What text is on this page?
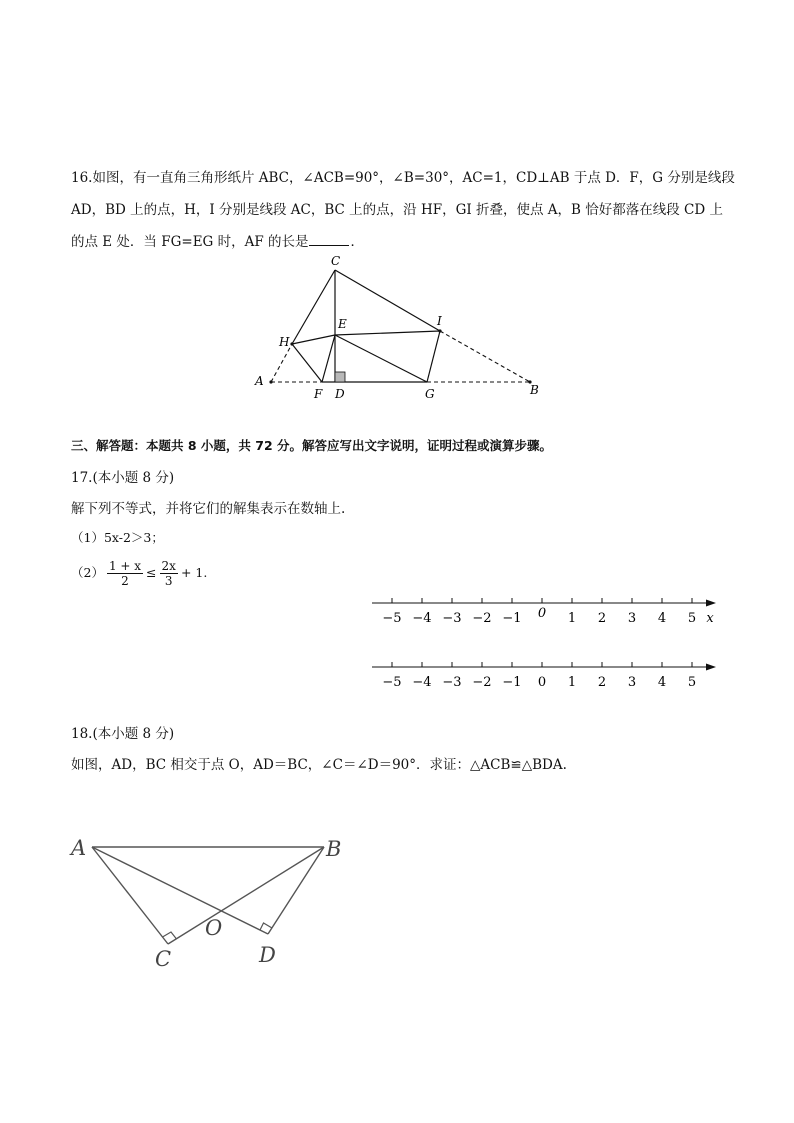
16.如图，有一直角三角形纸片 ABC，∠ACB=90°，∠B=30°，AC=1，CD⊥AB 于点 D．F，G 分别是线段
AD，BD 上的点，H，I 分别是线段 AC，BC 上的点，沿 HF，GI 折叠，使点 A，B 恰好都落在线段 CD 上
的点 E 处．当 FG=EG 时，AF 的长是	．
C
E	I
H
A
F D	G	B
三、解答题：本题共 8 小题，共 72 分。解答应写出文字说明，证明过程或演算步骤。
17.(本小题 8 分)
解下列不等式，并将它们的解集表示在数轴上.
（1）5x-2＞3；
$(2) \frac{1 + x}{2} \le \frac{2x}{3} + 1$.
−5 −4 −3 −2 −1 0 1 2 3 4 5 x
−5 −4 −3 −2 −1 0 1 2 3 4 5
18.(本小题 8 分)
如图，AD，BC 相交于点 O，AD＝BC，∠C＝∠D＝90°．求证：△ACB≌△BDA.
A	B
O
C	D
